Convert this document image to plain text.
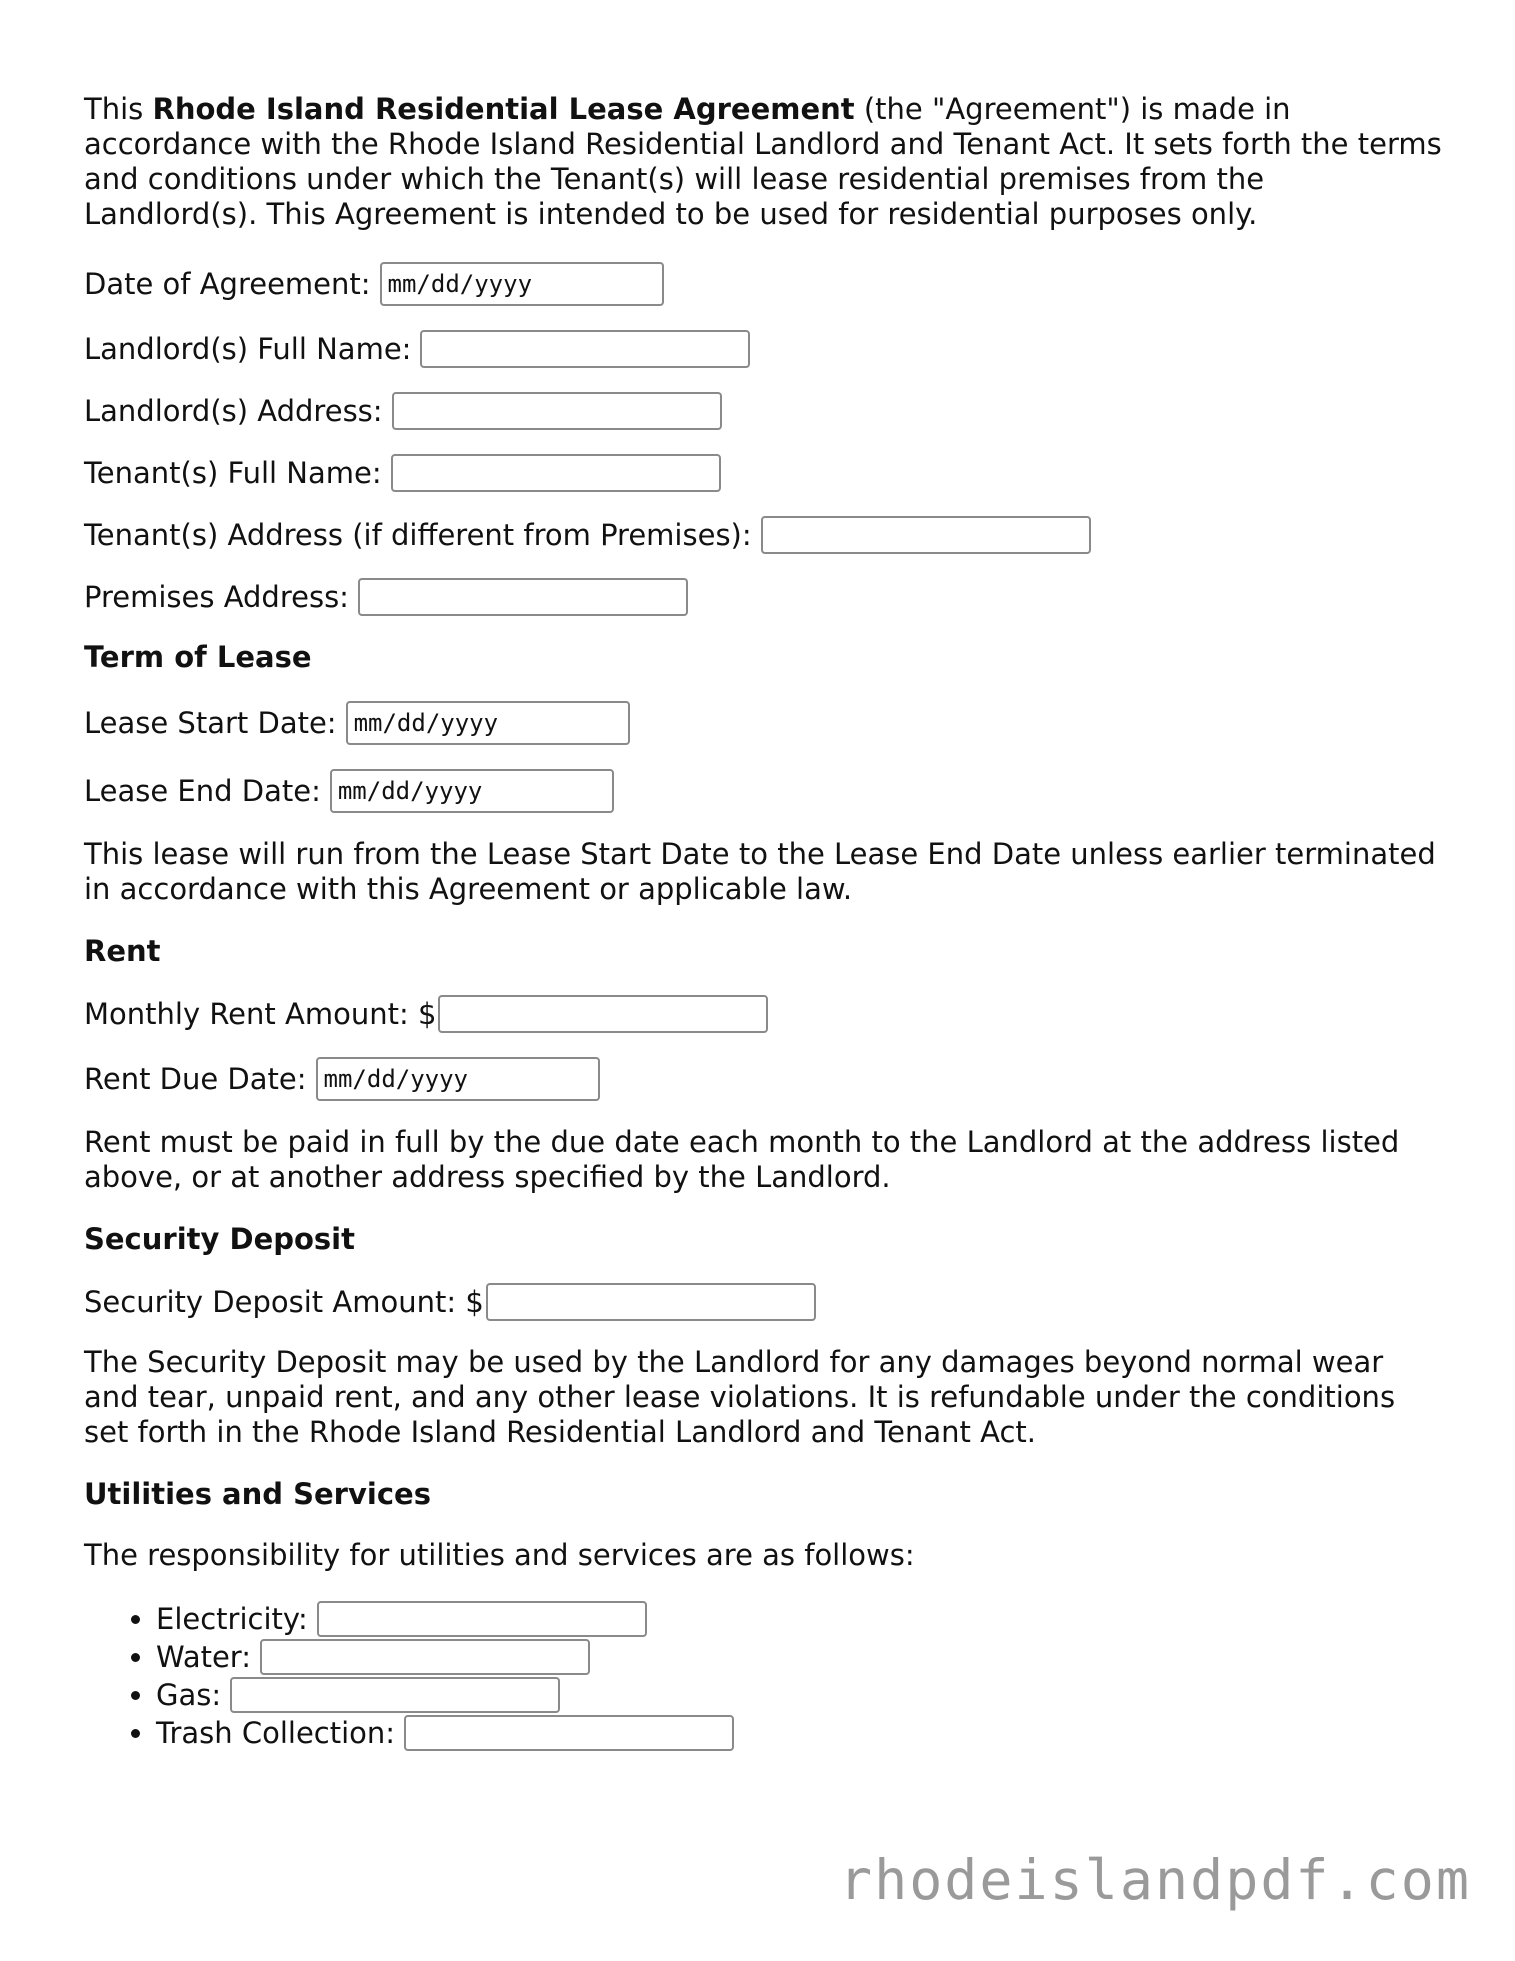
This Rhode Island Residential Lease Agreement (the "Agreement") is made in accordance with the Rhode Island Residential Landlord and Tenant Act. It sets forth the terms and conditions under which the Tenant(s) will lease residential premises from the Landlord(s). This Agreement is intended to be used for residential purposes only.

Date of Agreement:
mm/dd/yyyy
Landlord(s) Full Name:
Landlord(s) Address:
Tenant(s) Full Name:
Tenant(s) Address (if different from Premises):
Premises Address:
Term of Lease
Lease Start Date:
mm/dd/yyyy
Lease End Date:
mm/dd/yyyy

This lease will run from the Lease Start Date to the Lease End Date unless earlier terminated in accordance with this Agreement or applicable law.

Rent
Monthly Rent Amount: $
Rent Due Date:
mm/dd/yyyy

Rent must be paid in full by the due date each month to the Landlord at the address listed above, or at another address specified by the Landlord.

Security Deposit
Security Deposit Amount: $

The Security Deposit may be used by the Landlord for any damages beyond normal wear and tear, unpaid rent, and any other lease violations. It is refundable under the conditions set forth in the Rhode Island Residential Landlord and Tenant Act.

Utilities and Services

The responsibility for utilities and services are as follows:

• Electricity:
• Water:
• Gas:
• Trash Collection:
rhodeislandpdf.com
